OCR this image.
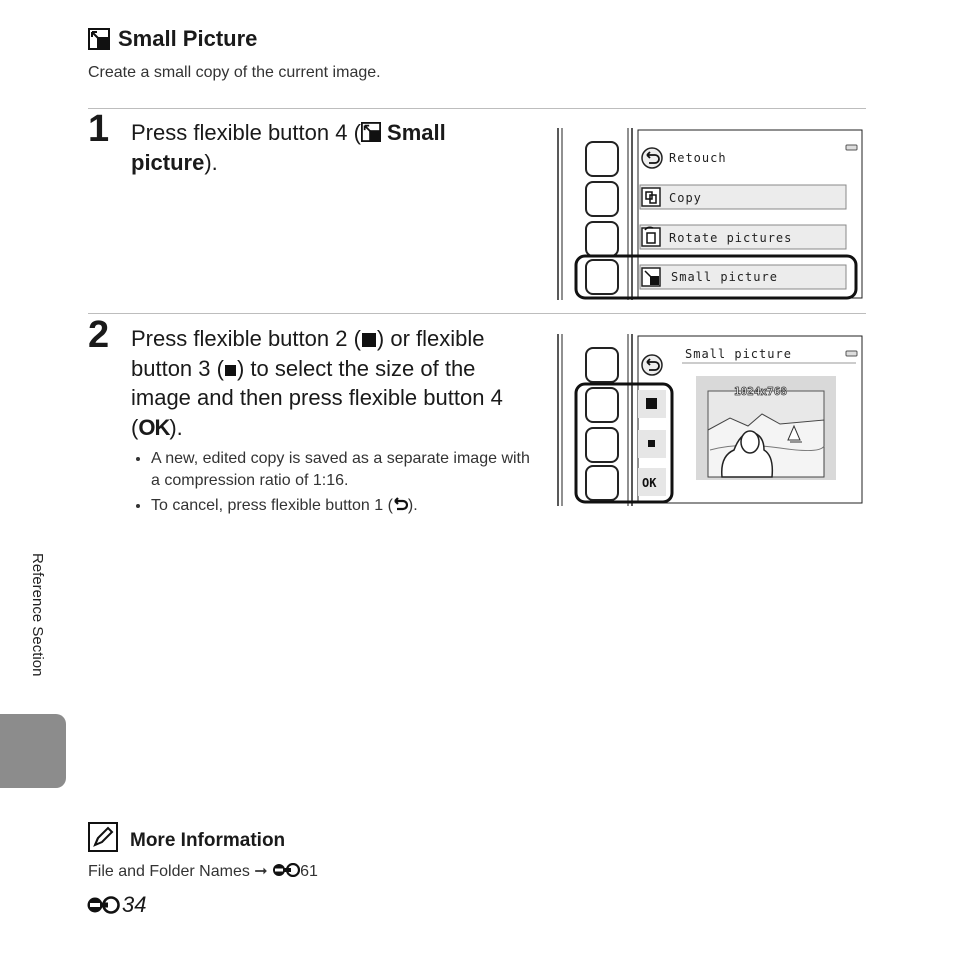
Small Picture
Create a small copy of the current image.
1 Press flexible button 4 ( Small picture).	Retouch
Copy
Rotate pictures
Small picture
2 Press flexible button 2 ( ) or flexible button 3 ( ) to select the size of the image and then press flexible button 4 (OK).
• A new, edited copy is saved as a separate image with a compression ratio of 1:16.
• To cancel, press flexible button 1 ( ).
Small picture
OK
1024x768
Reference Section
More Information
File and Folder Names ➞ 61
34
